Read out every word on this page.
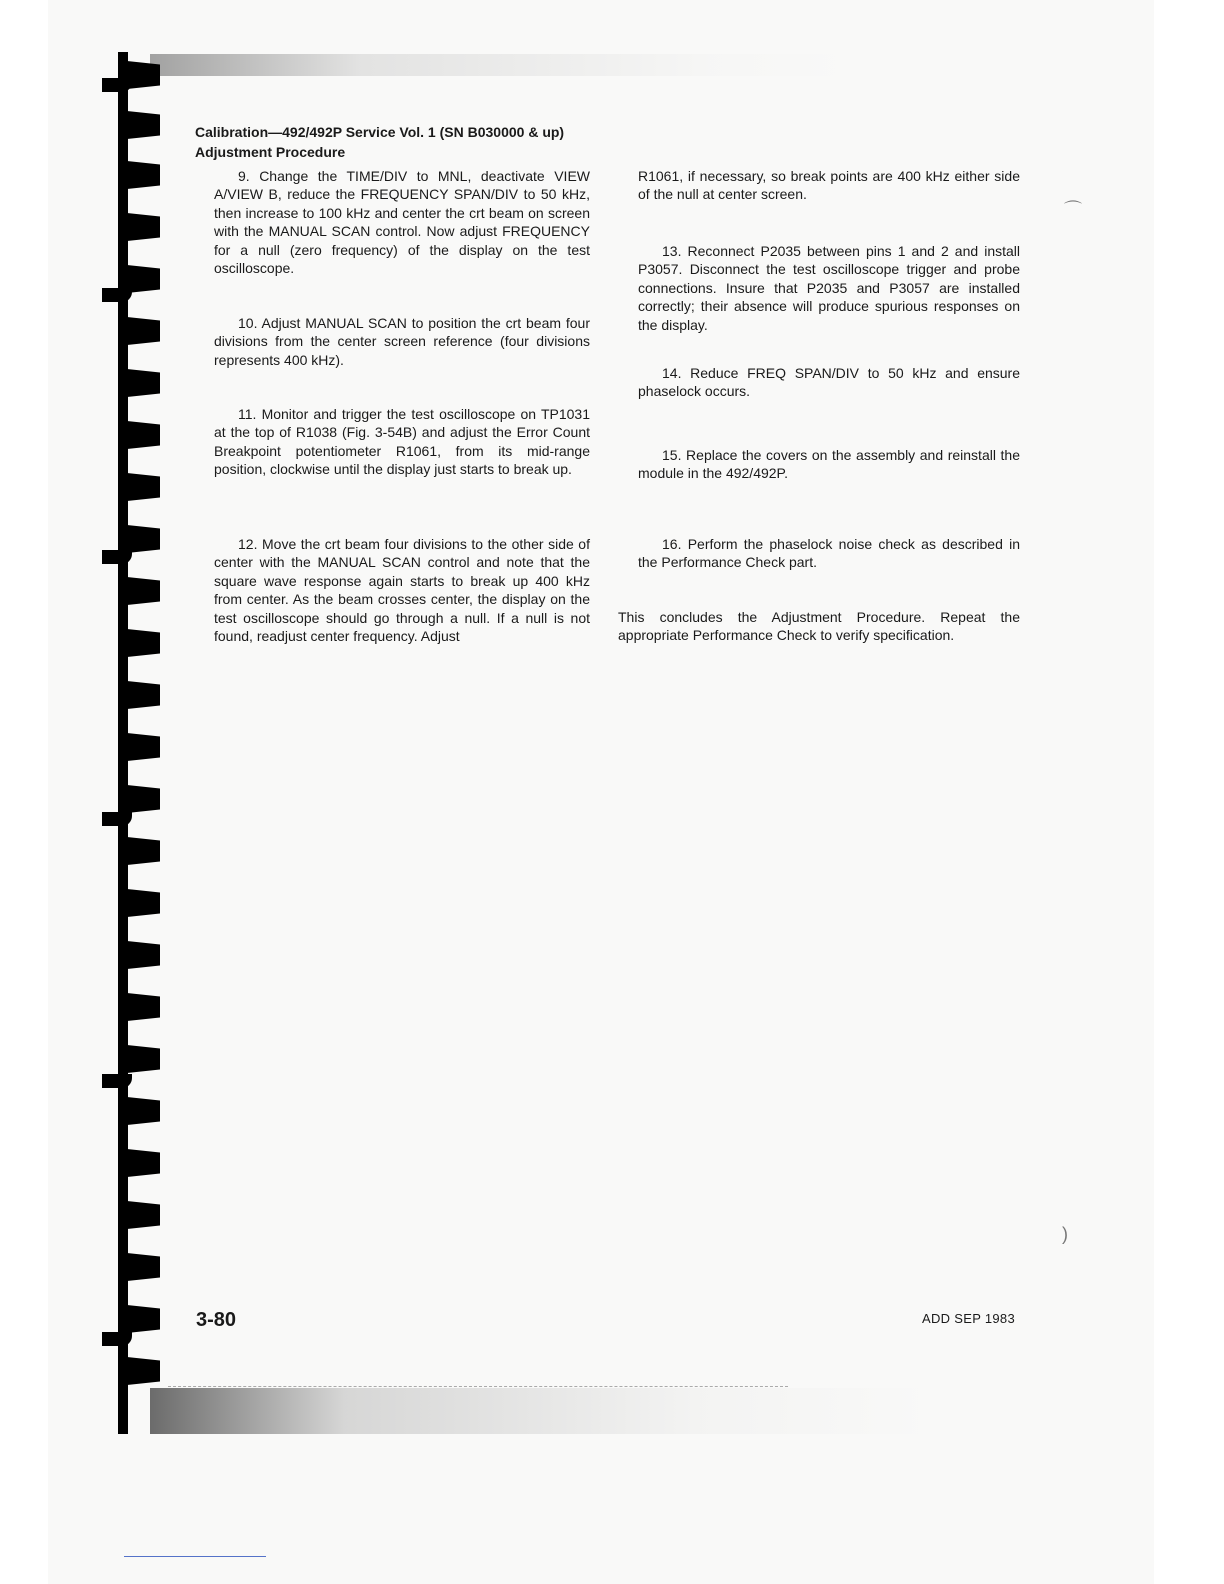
Calibration—492/492P Service Vol. 1 (SN B030000 & up)
Adjustment Procedure

9. Change the TIME/DIV to MNL, deactivate VIEW A/VIEW B, reduce the FREQUENCY SPAN/DIV to 50 kHz, then increase to 100 kHz and center the crt beam on screen with the MANUAL SCAN control. Now adjust FREQUENCY for a null (zero frequency) of the display on the test oscilloscope.

10. Adjust MANUAL SCAN to position the crt beam four divisions from the center screen reference (four divisions represents 400 kHz).

11. Monitor and trigger the test oscilloscope on TP1031 at the top of R1038 (Fig. 3-54B) and adjust the Error Count Breakpoint potentiometer R1061, from its mid-range position, clockwise until the display just starts to break up.

12. Move the crt beam four divisions to the other side of center with the MANUAL SCAN control and note that the square wave response again starts to break up 400 kHz from center. As the beam crosses center, the display on the test oscilloscope should go through a null. If a null is not found, readjust center frequency. Adjust

R1061, if necessary, so break points are 400 kHz either side of the null at center screen.

13. Reconnect P2035 between pins 1 and 2 and install P3057. Disconnect the test oscilloscope trigger and probe connections. Insure that P2035 and P3057 are installed correctly; their absence will produce spurious responses on the display.

14. Reduce FREQ SPAN/DIV to 50 kHz and ensure phaselock occurs.

15. Replace the covers on the assembly and reinstall the module in the 492/492P.

16. Perform the phaselock noise check as described in the Performance Check part.

This concludes the Adjustment Procedure. Repeat the appropriate Performance Check to verify specification.

3-80	ADD SEP 1983
⌒
)
